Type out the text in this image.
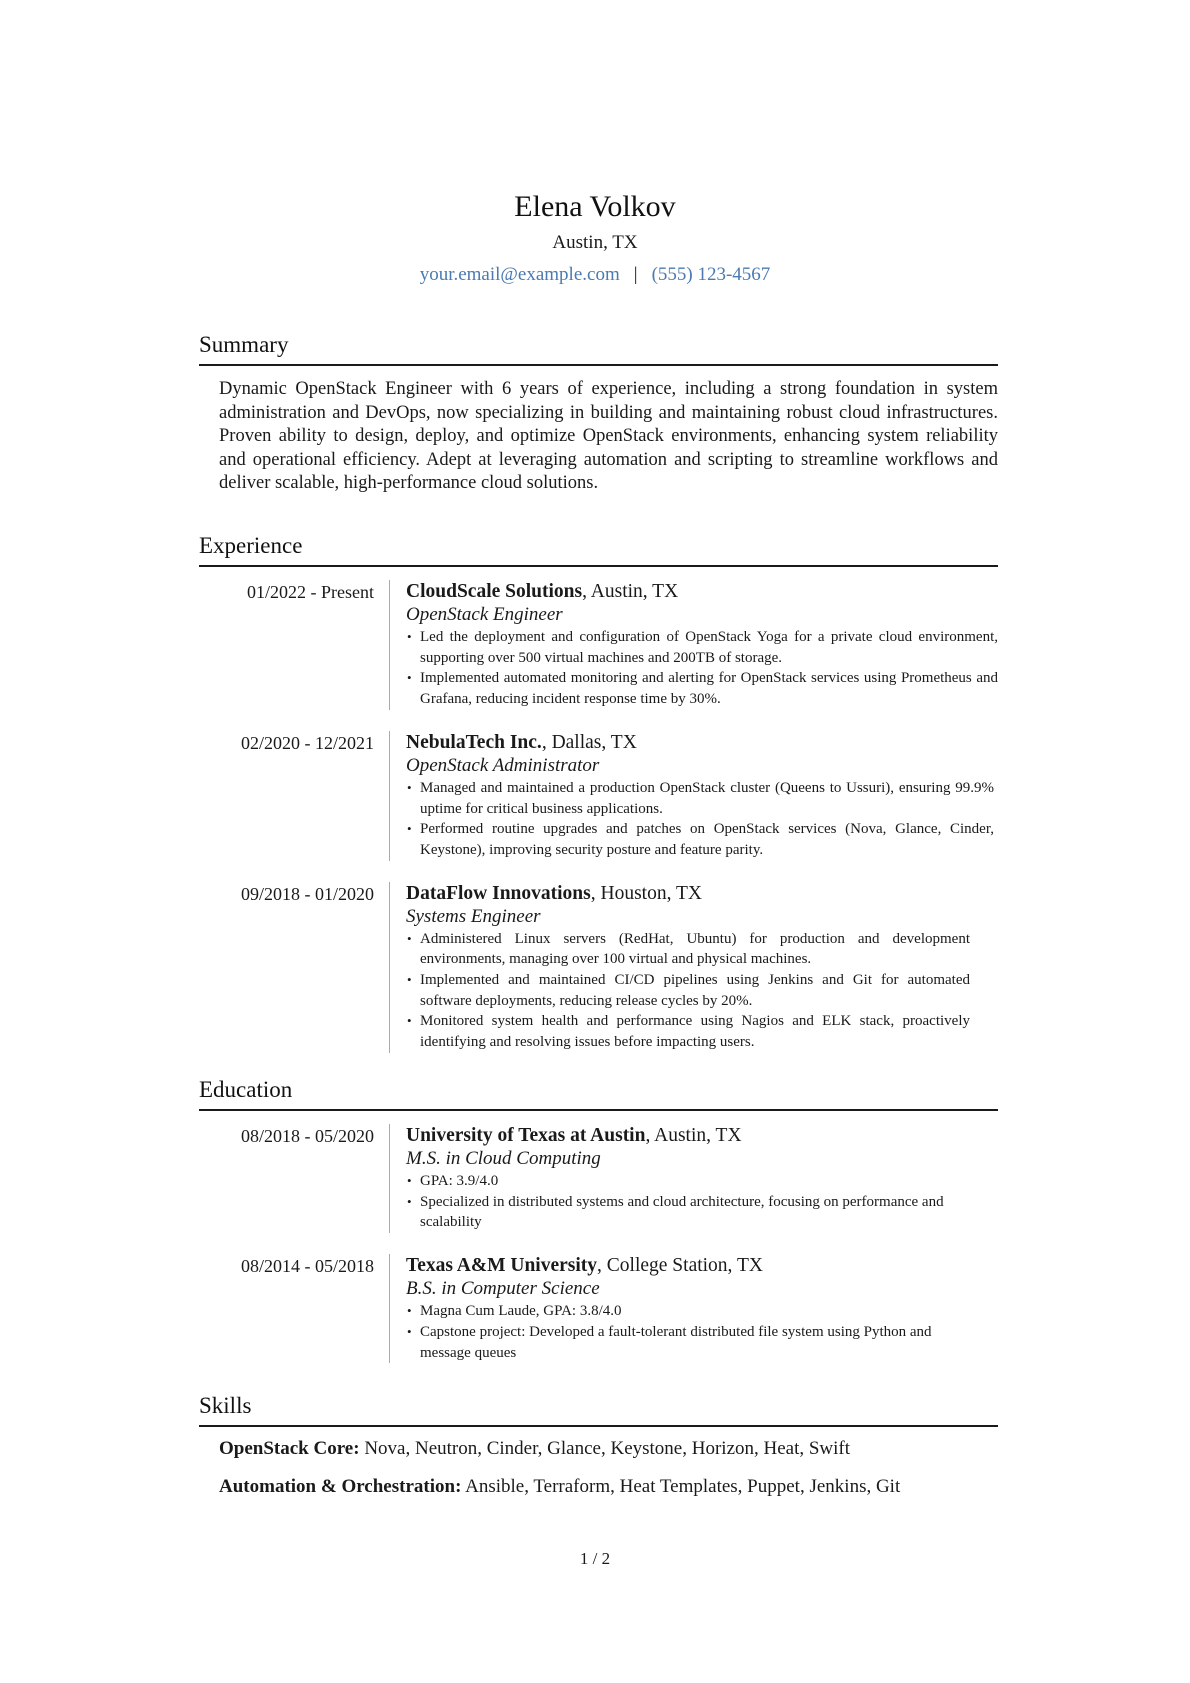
Elena Volkov
Austin, TX
your.email@example.com | (555) 123-4567
Summary

Dynamic OpenStack Engineer with 6 years of experience, including a strong foundation in system administration and DevOps, now specializing in building and maintaining robust cloud infrastructures. Proven ability to design, deploy, and optimize OpenStack environments, enhancing system reliability and operational efficiency. Adept at leveraging automation and scripting to streamline workflows and deliver scalable, high-performance cloud solutions.

Experience
01/2022 - Present CloudScale Solutions, Austin, TX
OpenStack Engineer
• Led the deployment and configuration of OpenStack Yoga for a private cloud environment, supporting over 500 virtual machines and 200TB of storage.
• Implemented automated monitoring and alerting for OpenStack services using Prometheus and Grafana, reducing incident response time by 30%.
02/2020 - 12/2021 NebulaTech Inc., Dallas, TX
OpenStack Administrator
• Managed and maintained a production OpenStack cluster (Queens to Ussuri), ensuring 99.9% uptime for critical business applications.
• Performed routine upgrades and patches on OpenStack services (Nova, Glance, Cinder, Keystone), improving security posture and feature parity.
09/2018 - 01/2020 DataFlow Innovations, Houston, TX
Systems Engineer
• Administered Linux servers (RedHat, Ubuntu) for production and development environments, managing over 100 virtual and physical machines.
• Implemented and maintained CI/CD pipelines using Jenkins and Git for automated software deployments, reducing release cycles by 20%.
• Monitored system health and performance using Nagios and ELK stack, proactively identifying and resolving issues before impacting users.
Education
08/2018 - 05/2020 University of Texas at Austin, Austin, TX
M.S. in Cloud Computing
• GPA: 3.9/4.0
• Specialized in distributed systems and cloud architecture, focusing on performance and scalability
08/2014 - 05/2018 Texas A&M University, College Station, TX
B.S. in Computer Science
• Magna Cum Laude, GPA: 3.8/4.0
• Capstone project: Developed a fault-tolerant distributed file system using Python and message queues
Skills
OpenStack Core: Nova, Neutron, Cinder, Glance, Keystone, Horizon, Heat, Swift
Automation & Orchestration: Ansible, Terraform, Heat Templates, Puppet, Jenkins, Git
1 / 2
